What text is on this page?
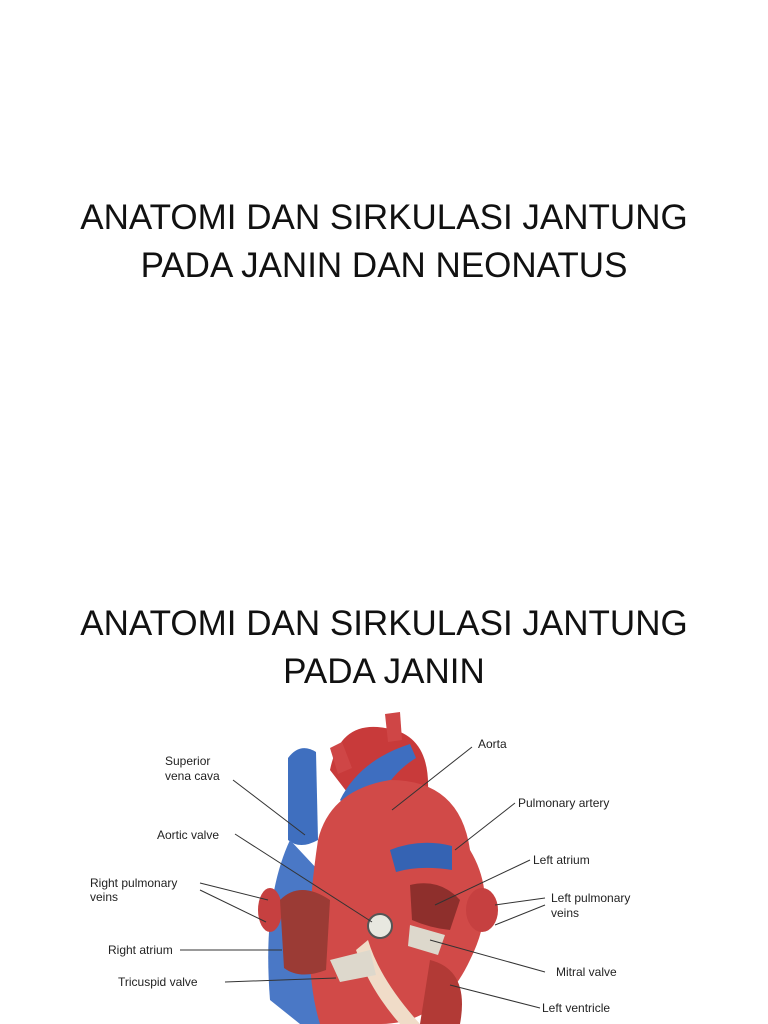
ANATOMI DAN SIRKULASI JANTUNG
PADA JANIN DAN NEONATUS
ANATOMI DAN SIRKULASI JANTUNG
PADA JANIN
Superior
vena cava
Aortic valve
Right pulmonary
veins
Right atrium
Tricuspid valve
Aorta
Pulmonary artery
Left atrium
Left pulmonary
veins
Mitral valve
Left ventricle
